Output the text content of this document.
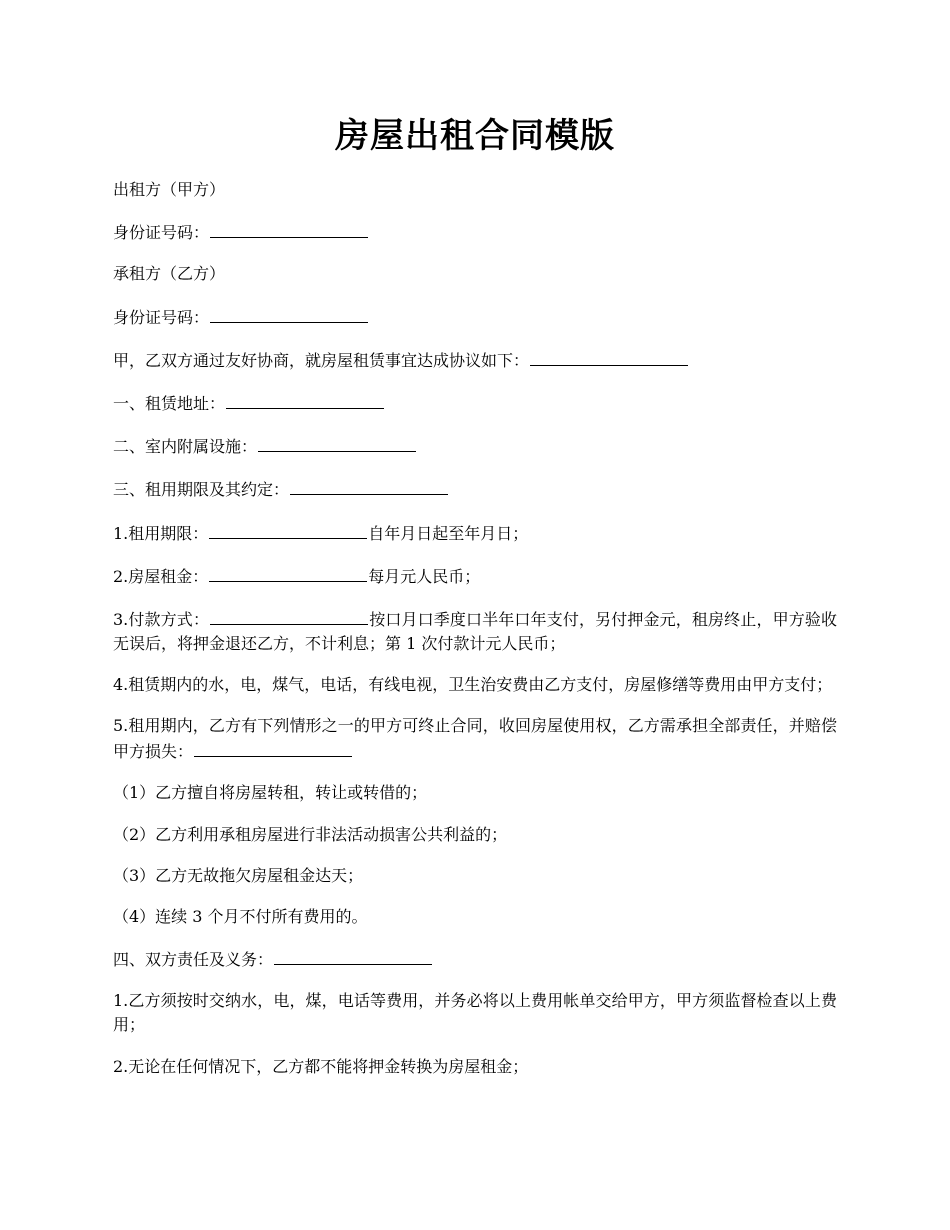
房屋出租合同模版

出租方（甲方）

身份证号码：

承租方（乙方）

身份证号码：

甲，乙双方通过友好协商，就房屋租赁事宜达成协议如下：

一、租赁地址：

二、室内附属设施：

三、租用期限及其约定：

1.租用期限：	自年月日起至年月日；

2.房屋租金：	每月元人民币；

3.付款方式：	按口月口季度口半年口年支付，另付押金元，租房终止，甲方验收无误后，将押金退还乙方，不计利息；第 1 次付款计元人民币；

4.租赁期内的水，电，煤气，电话，有线电视，卫生治安费由乙方支付，房屋修缮等费用由甲方支付；

5.租用期内，乙方有下列情形之一的甲方可终止合同，收回房屋使用权，乙方需承担全部责任，并赔偿甲方损失：

（1）乙方擅自将房屋转租，转让或转借的；

（2）乙方利用承租房屋进行非法活动损害公共利益的；

（3）乙方无故拖欠房屋租金达天；

（4）连续 3 个月不付所有费用的。

四、双方责任及义务：

1.乙方须按时交纳水，电，煤，电话等费用，并务必将以上费用帐单交给甲方，甲方须监督检查以上费用；

2.无论在任何情况下，乙方都不能将押金转换为房屋租金；
